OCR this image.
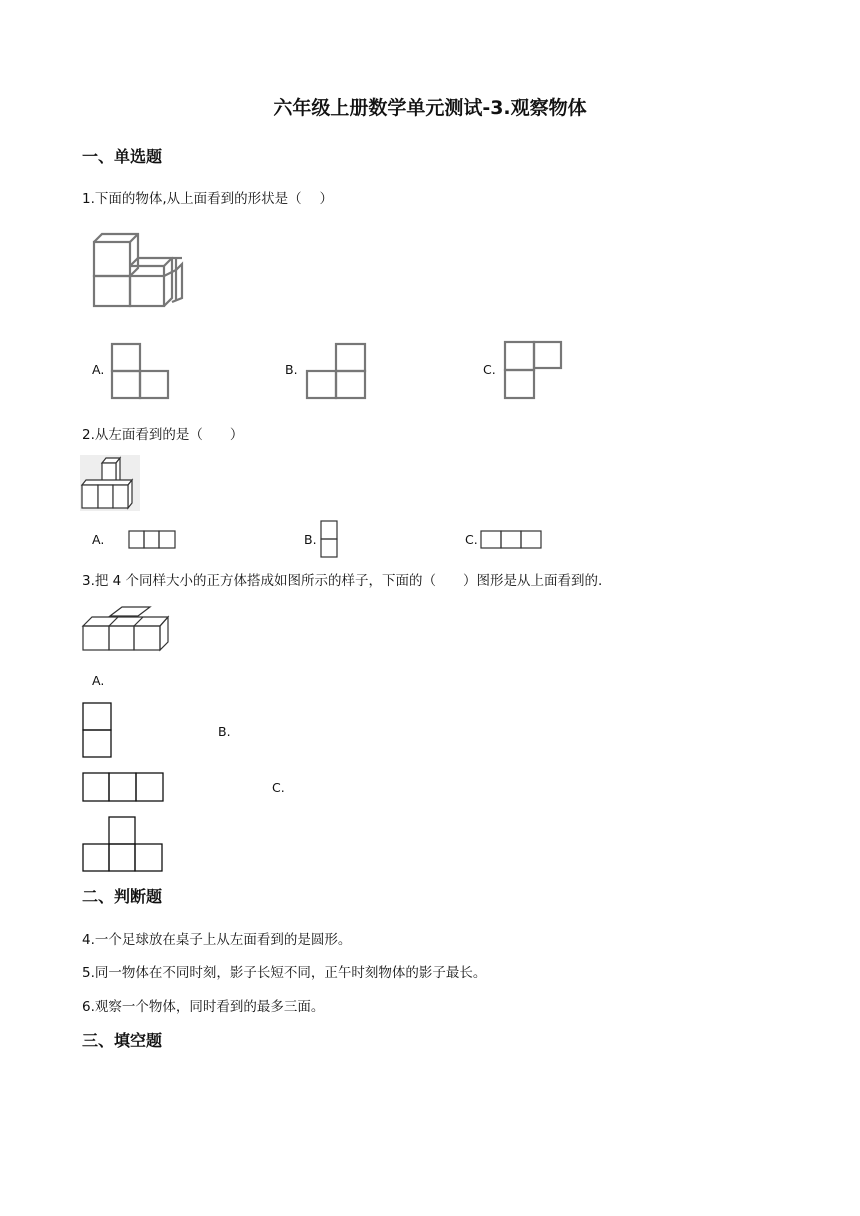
六年级上册数学单元测试-3.观察物体
一、单选题
1.下面的物体,从上面看到的形状是（　 ）
A.	B.	C.
2.从左面看到的是（　　）
A.	B.	C.
3.把 4 个同样大小的正方体搭成如图所示的样子，下面的（　　）图形是从上面看到的.
A.
B.
C.
二、判断题
4.一个足球放在桌子上从左面看到的是圆形。
5.同一物体在不同时刻，影子长短不同，正午时刻物体的影子最长。
6.观察一个物体，同时看到的最多三面。
三、填空题
